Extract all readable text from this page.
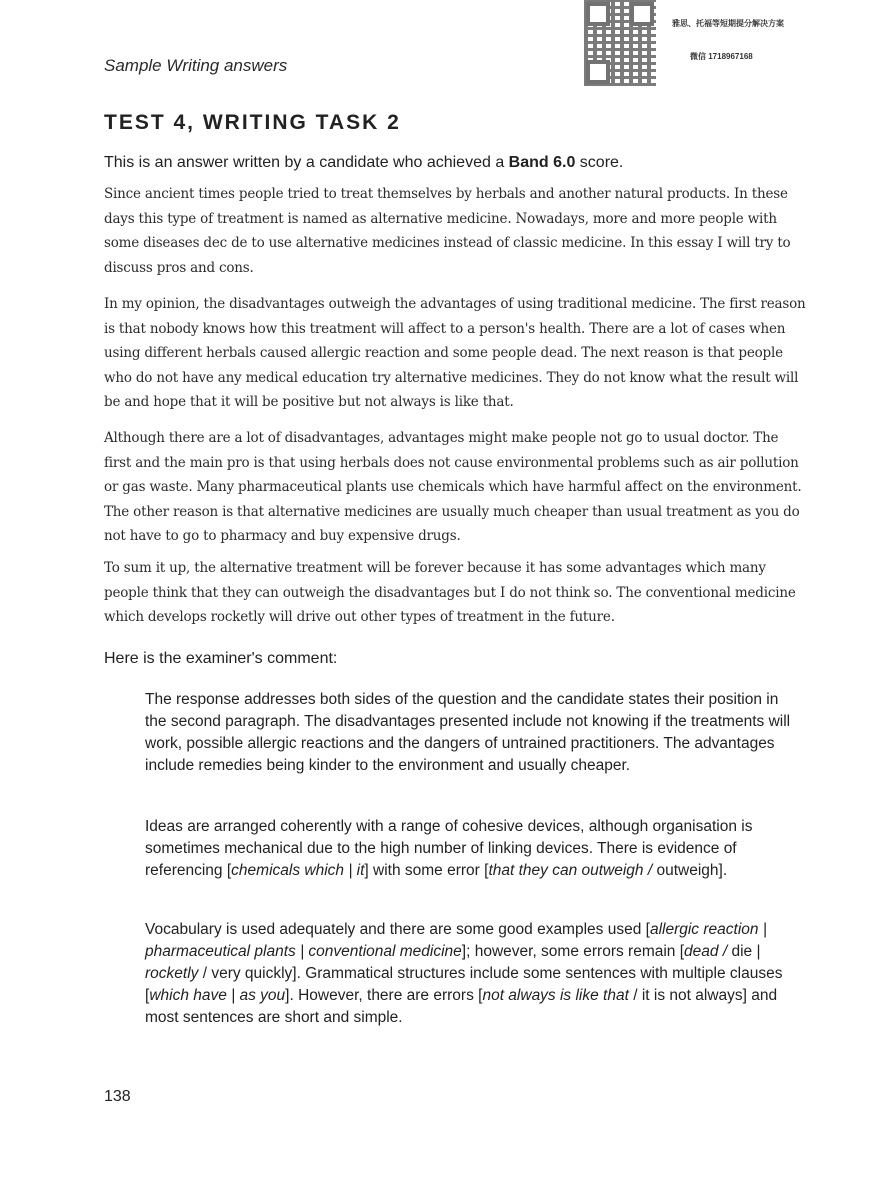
雅思、托福等短期提分解决方案
微信 1718967168
Sample Writing answers
TEST 4, WRITING TASK 2

This is an answer written by a candidate who achieved a Band 6.0 score.

Since ancient times people tried to treat themselves by herbals and another natural products. In these days this type of treatment is named as alternative medicine. Nowadays, more and more people with some diseases dec de to use alternative medicines instead of classic medicine. In this essay I will try to discuss pros and cons.

In my opinion, the disadvantages outweigh the advantages of using traditional medicine. The first reason is that nobody knows how this treatment will affect to a person's health. There are a lot of cases when using different herbals caused allergic reaction and some people dead. The next reason is that people who do not have any medical education try alternative medicines. They do not know what the result will be and hope that it will be positive but not always is like that.

Although there are a lot of disadvantages, advantages might make people not go to usual doctor. The first and the main pro is that using herbals does not cause environmental problems such as air pollution or gas waste. Many pharmaceutical plants use chemicals which have harmful affect on the environment. The other reason is that alternative medicines are usually much cheaper than usual treatment as you do not have to go to pharmacy and buy expensive drugs.

To sum it up, the alternative treatment will be forever because it has some advantages which many people think that they can outweigh the disadvantages but I do not think so. The conventional medicine which develops rocketly will drive out other types of treatment in the future.

Here is the examiner's comment:

The response addresses both sides of the question and the candidate states their position in the second paragraph. The disadvantages presented include not knowing if the treatments will work, possible allergic reactions and the dangers of untrained practitioners. The advantages include remedies being kinder to the environment and usually cheaper.

Ideas are arranged coherently with a range of cohesive devices, although organisation is sometimes mechanical due to the high number of linking devices. There is evidence of referencing [chemicals which | it] with some error [that they can outweigh / outweigh].

Vocabulary is used adequately and there are some good examples used [allergic reaction | pharmaceutical plants | conventional medicine]; however, some errors remain [dead / die | rocketly / very quickly]. Grammatical structures include some sentences with multiple clauses [which have | as you]. However, there are errors [not always is like that / it is not always] and most sentences are short and simple.

138
